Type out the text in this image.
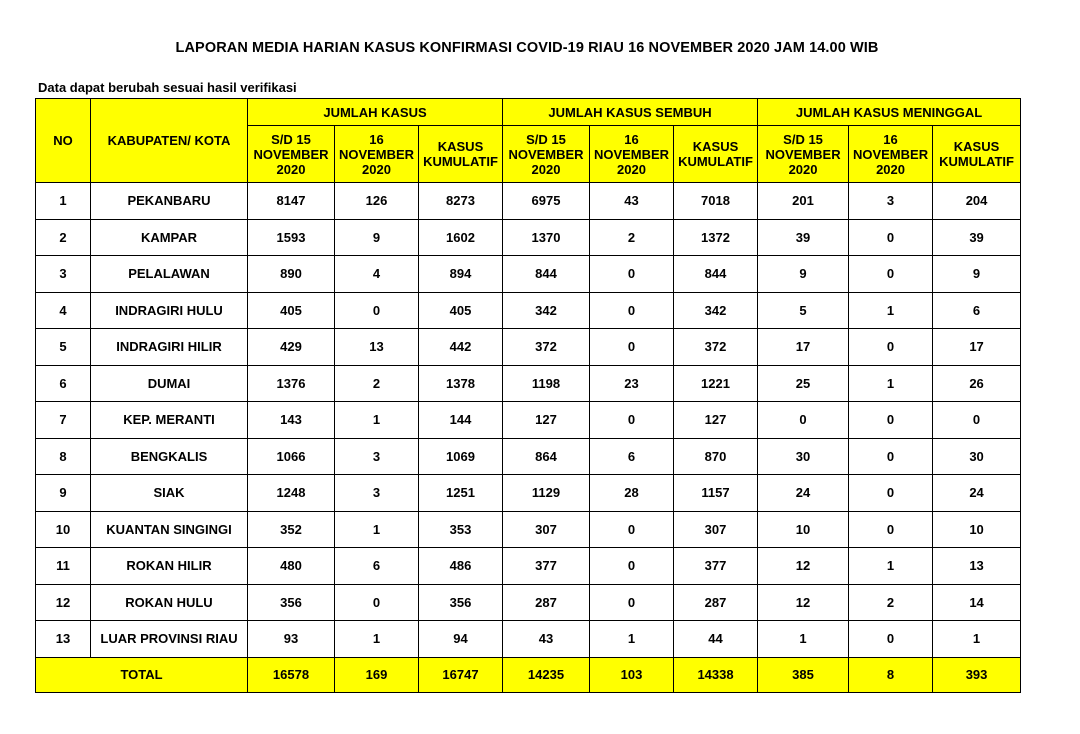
LAPORAN MEDIA HARIAN KASUS KONFIRMASI COVID-19 RIAU 16 NOVEMBER 2020 JAM 14.00 WIB
Data dapat berubah sesuai hasil verifikasi
NO	KABUPATEN/ KOTA	JUMLAH KASUS			JUMLAH KASUS SEMBUH			JUMLAH KASUS MENINGGAL		
		S/D 15
NOVEMBER
2020	16
NOVEMBER
2020	KASUS
KUMULATIF	S/D 15
NOVEMBER
2020	16
NOVEMBER
2020	KASUS
KUMULATIF	S/D 15
NOVEMBER
2020	16
NOVEMBER
2020	KASUS
KUMULATIF
1	PEKANBARU	8147	126	8273	6975	43	7018	201	3	204
2	KAMPAR	1593	9	1602	1370	2	1372	39	0	39
3	PELALAWAN	890	4	894	844	0	844	9	0	9
4	INDRAGIRI HULU	405	0	405	342	0	342	5	1	6
5	INDRAGIRI HILIR	429	13	442	372	0	372	17	0	17
6	DUMAI	1376	2	1378	1198	23	1221	25	1	26
7	KEP. MERANTI	143	1	144	127	0	127	0	0	0
8	BENGKALIS	1066	3	1069	864	6	870	30	0	30
9	SIAK	1248	3	1251	1129	28	1157	24	0	24
10	KUANTAN SINGINGI	352	1	353	307	0	307	10	0	10
11	ROKAN HILIR	480	6	486	377	0	377	12	1	13
12	ROKAN HULU	356	0	356	287	0	287	12	2	14
13	LUAR PROVINSI RIAU	93	1	94	43	1	44	1	0	1
TOTAL		16578	169	16747	14235	103	14338	385	8	393
